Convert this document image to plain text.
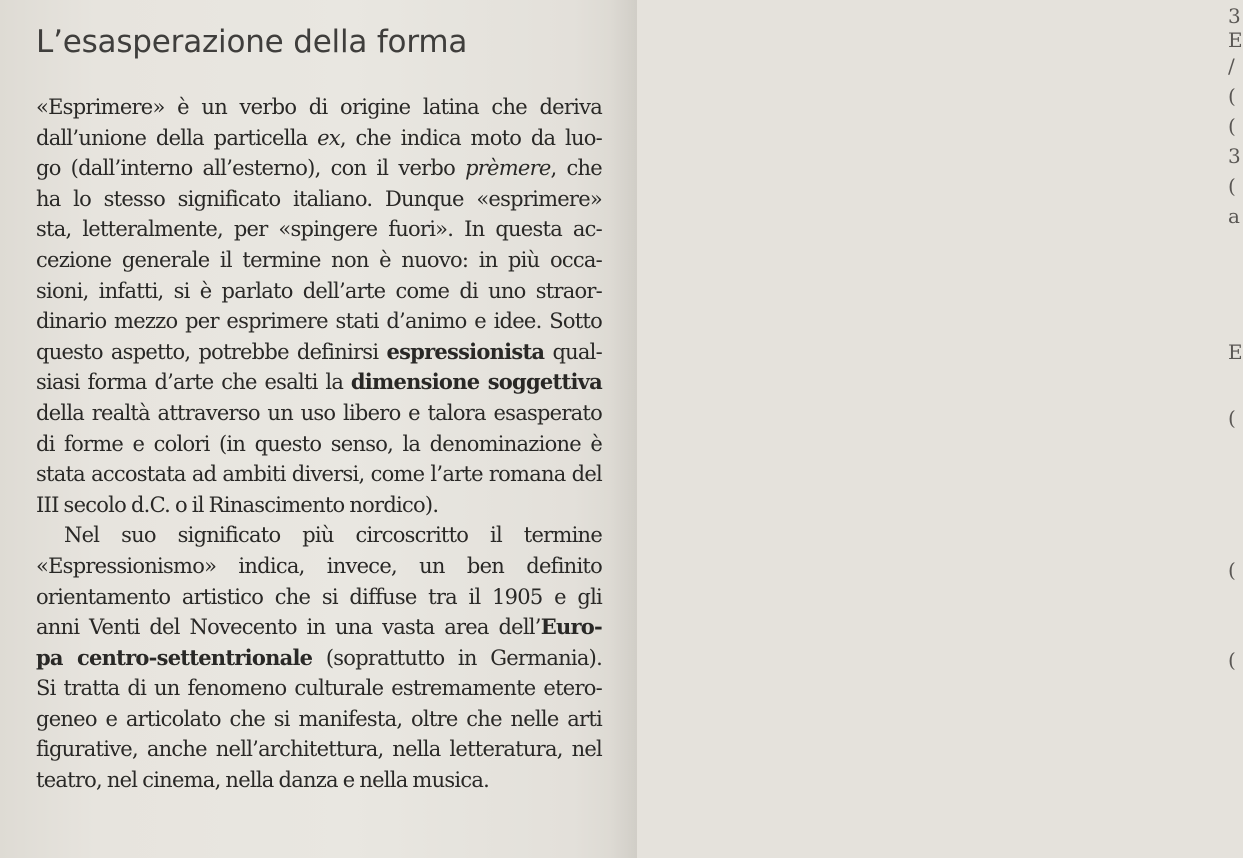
3
E
/
(
(
3
(
a
E
(
(
(
L’esasperazione della forma
«Esprimere» è un verbo di origine latina che deriva
dall’unione della particella ex, che indica moto da luo-
go (dall’interno all’esterno), con il verbo prèmere, che
ha lo stesso significato italiano. Dunque «esprimere»
sta, letteralmente, per «spingere fuori». In questa ac-
cezione generale il termine non è nuovo: in più occa-
sioni, infatti, si è parlato dell’arte come di uno straor-
dinario mezzo per esprimere stati d’animo e idee. Sotto
questo aspetto, potrebbe definirsi espressionista qual-
siasi forma d’arte che esalti la dimensione soggettiva
della realtà attraverso un uso libero e talora esasperato
di forme e colori (in questo senso, la denominazione è
stata accostata ad ambiti diversi, come l’arte romana del
III secolo d.C. o il Rinascimento nordico).
Nel suo significato più circoscritto il termine
«Espressionismo» indica, invece, un ben definito
orientamento artistico che si diffuse tra il 1905 e gli
anni Venti del Novecento in una vasta area dell’Euro-
pa centro-settentrionale (soprattutto in Germania).
Si tratta di un fenomeno culturale estremamente etero-
geneo e articolato che si manifesta, oltre che nelle arti
figurative, anche nell’architettura, nella letteratura, nel
teatro, nel cinema, nella danza e nella musica.
